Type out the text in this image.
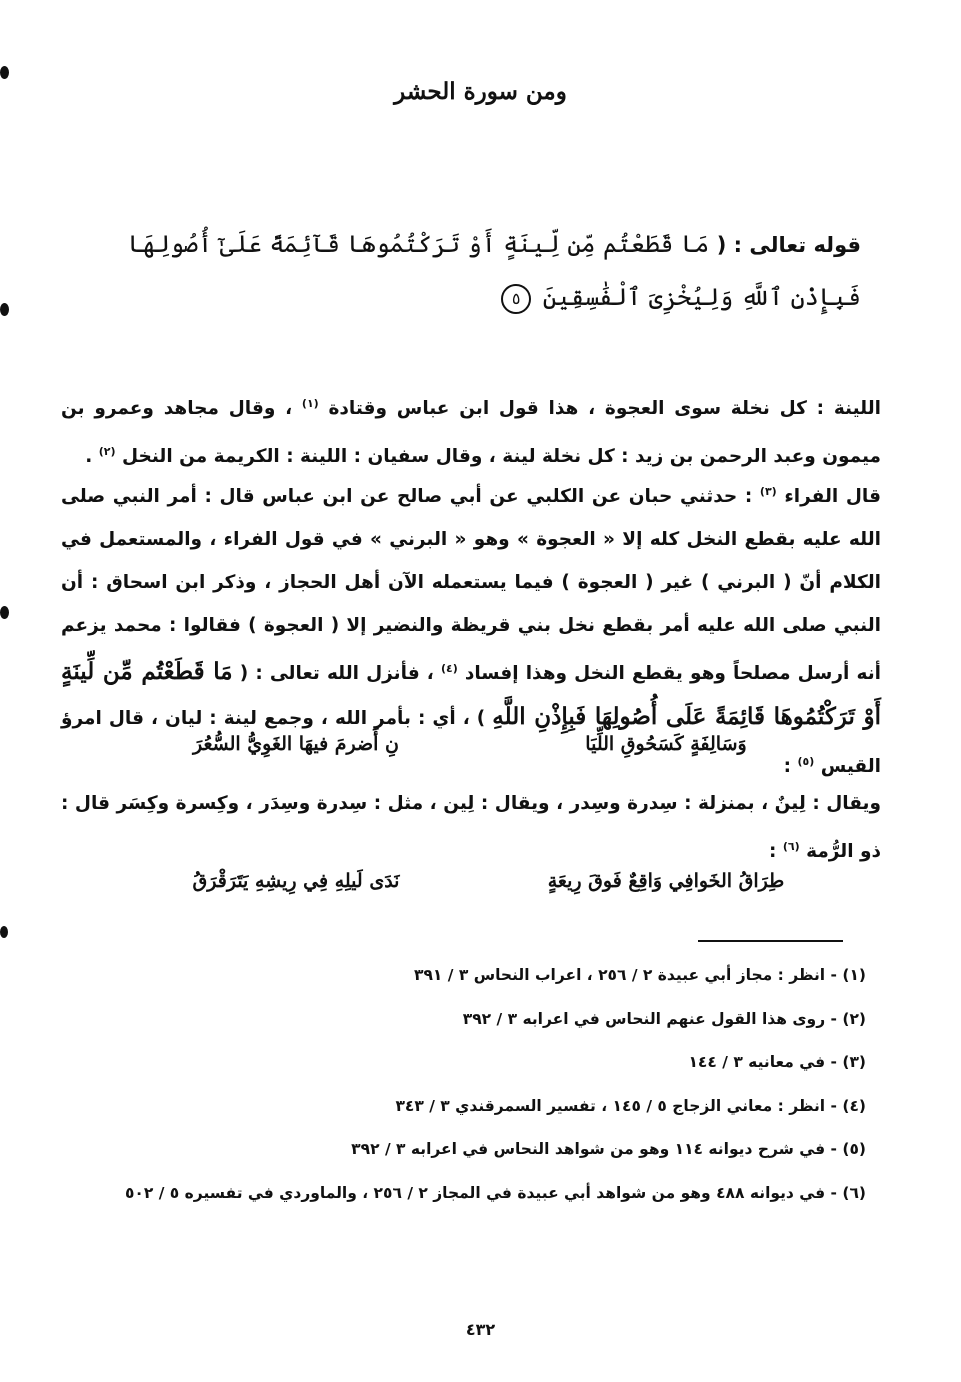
ومن سورة الحشر
قوله تعالى : ( مَا قَطَعْتُم مِّن لِّينَةٍ أَوْ تَرَكْتُمُوهَا قَآئِمَةً عَلَىٰٓ أُصُولِهَا فَبِإِذْنِ ٱللَّهِ وَلِيُخْزِىَ ٱلْفَٰسِقِينَ ٥
اللينة : كل نخلة سوى العجوة ، هذا قول ابن عباس وقتادة $^{(١)}$ ، وقال مجاهد وعمرو بن ميمون وعبد الرحمن بن زيد : كل نخلة لينة ، وقال سفيان : اللينة : الكريمة من النخل $^{(٢)}$ .
قال الفراء $^{(٣)}$ : حدثني حبان عن الكلبي عن أبي صالح عن ابن عباس قال : أمر النبي صلى الله عليه بقطع النخل كله إلا « العجوة » وهو « البرني » في قول الفراء ، والمستعمل في الكلام أنّ ( البرني ) غير ( العجوة ) فيما يستعمله الآن أهل الحجاز ، وذكر ابن اسحاق : أن النبي صلى الله عليه أمر بقطع نخل بني قريظة والنضير إلا ( العجوة ) فقالوا : محمد يزعم أنه أرسل مصلحاً وهو يقطع النخل وهذا إفساد $^{(٤)}$ ، فأنزل الله تعالى : ( مَا قَطَعْتُم مِّن لِّينَةٍ أَوْ تَرَكْتُمُوهَا قَائِمَةً عَلَى أُصُولِهَا فَبِإِذْنِ اللَّهِ ) ، أي : بأمر الله ، وجمع لينة : ليان ، قال امرؤ القيس $^{(٥)}$ :
وَسَالِفَةٍ كَسَحُوقِ اللِّيَا
نِ أَضرمَ فيهَا الغَوِيُّ السُّعُرَ
ويقال : لِينٌ ، بمنزلة : سِدرة وسِدر ، ويقال : لِين ، مثل : سِدرة وسِدَر ، وكِسرة وكِسَر قال : ذو الرُّمة $^{(٦)}$ :
طِرَاقُ الخَوافِي وَاقِعٌ فَوقَ رِيعَةٍ
نَدَى لَيلِهِ فِي رِيشِهِ يَتَرَقْرَقُ
(١) - انظر : مجاز أبي عبيدة ٢ / ٢٥٦ ، اعراب النحاس ٣ / ٣٩١
(٢) - روى هذا القول عنهم النحاس في اعرابه ٣ / ٣٩٢
(٣) - في معانيه ٣ / ١٤٤
(٤) - انظر : معاني الزجاج ٥ / ١٤٥ ، تفسير السمرقندي ٣ / ٣٤٣
(٥) - في شرح ديوانه ١١٤ وهو من شواهد النحاس في اعرابه ٣ / ٣٩٢
(٦) - في ديوانه ٤٨٨ وهو من شواهد أبي عبيدة في المجاز ٢ / ٢٥٦ ، والماوردي في تفسيره ٥ / ٥٠٢
٤٣٢
